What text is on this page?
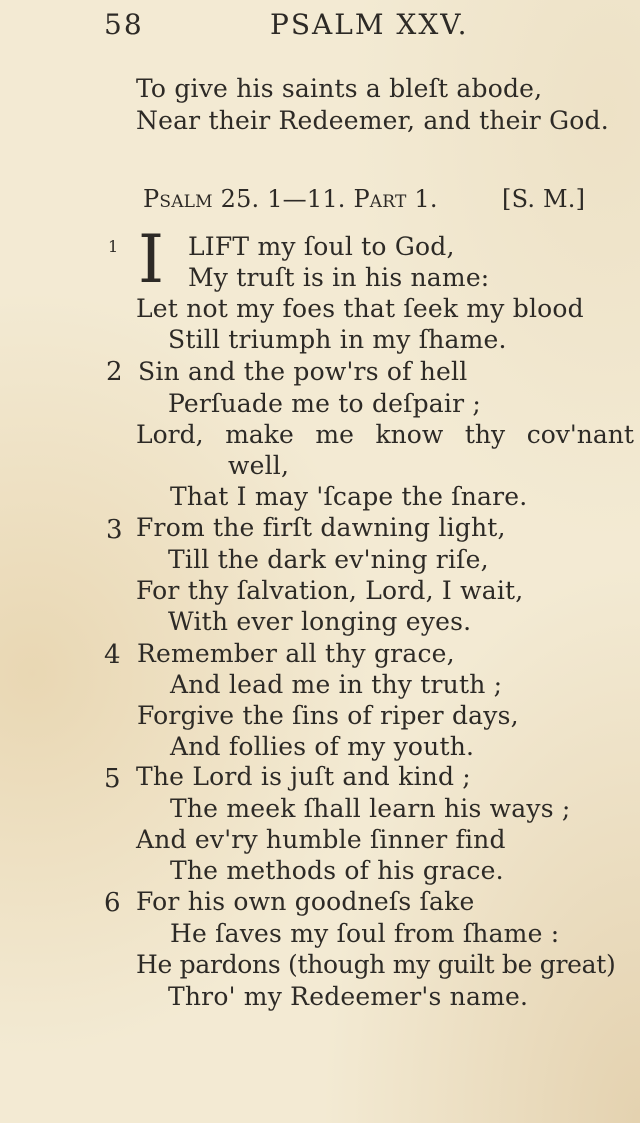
58	PSALM XXV.
To give his saints a bleſt abode,
Near their Redeemer, and their God.
Psalm 25. 1—11. Part 1.	[S. M.]
1 I LIFT my ſoul to God,
My truſt is in his name:
Let not my foes that ſeek my blood
Still triumph in my ſhame.
2 Sin and the pow'rs of hell
Perſuade me to deſpair ;
Lord, make me know thy cov'nant
well,
That I may 'ſcape the ſnare.
3 From the firſt dawning light,
Till the dark ev'ning riſe,
For thy ſalvation, Lord, I wait,
With ever longing eyes.
4 Remember all thy grace,
And lead me in thy truth ;
Forgive the ſins of riper days,
And follies of my youth.
5 The Lord is juſt and kind ;
The meek ſhall learn his ways ;
And ev'ry humble ſinner find
The methods of his grace.
6 For his own goodneſs ſake
He ſaves my ſoul from ſhame :
He pardons (though my guilt be great)
Thro' my Redeemer's name.
